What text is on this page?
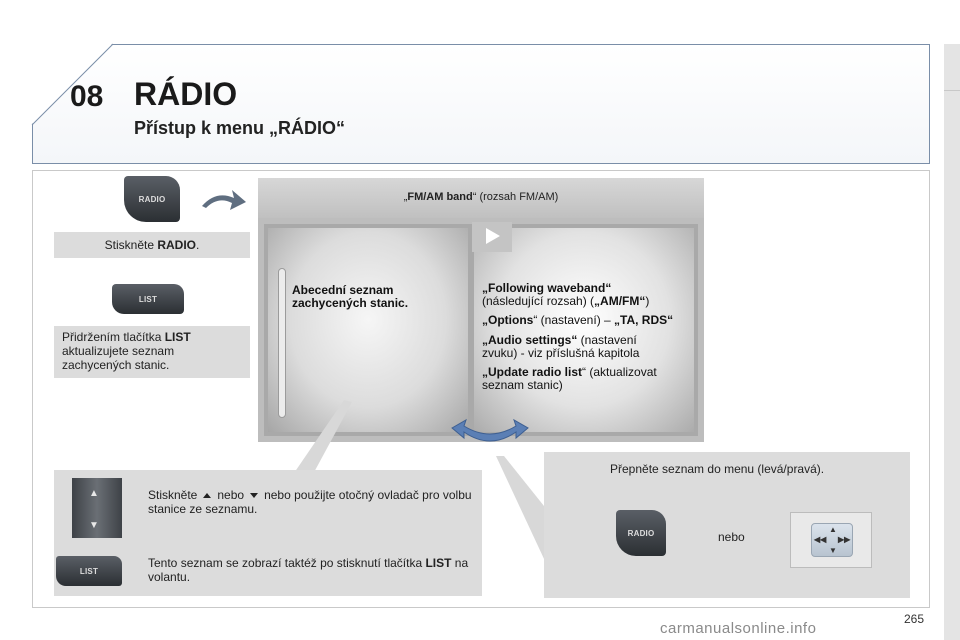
08 RÁDIO
Přístup k menu „RÁDIO“
RADIO
Stiskněte RADIO.
LIST
Přidržením tlačítka LIST aktualizujete seznam zachycených stanic.
„FM/AM band“ (rozsah FM/AM)
Abecední seznam
zachycených stanic.
„Following waveband“
(následující rozsah) („AM/FM“)
„Options“ (nastavení) – „TA, RDS“
„Audio settings“ (nastavení
zvuku) - viz příslušná kapitola
„Update radio list“ (aktualizovat
seznam stanic)
▲
▼
LIST
Stiskněte nebo nebo použijte otočný ovladač pro volbu stanice ze seznamu.
Tento seznam se zobrazí taktéž po stisknutí tlačítka LIST na volantu.
Přepněte seznam do menu (levá/pravá).
RADIO	nebo
▲
▼
◀◀ ▶▶
265
carmanualsonline.info
